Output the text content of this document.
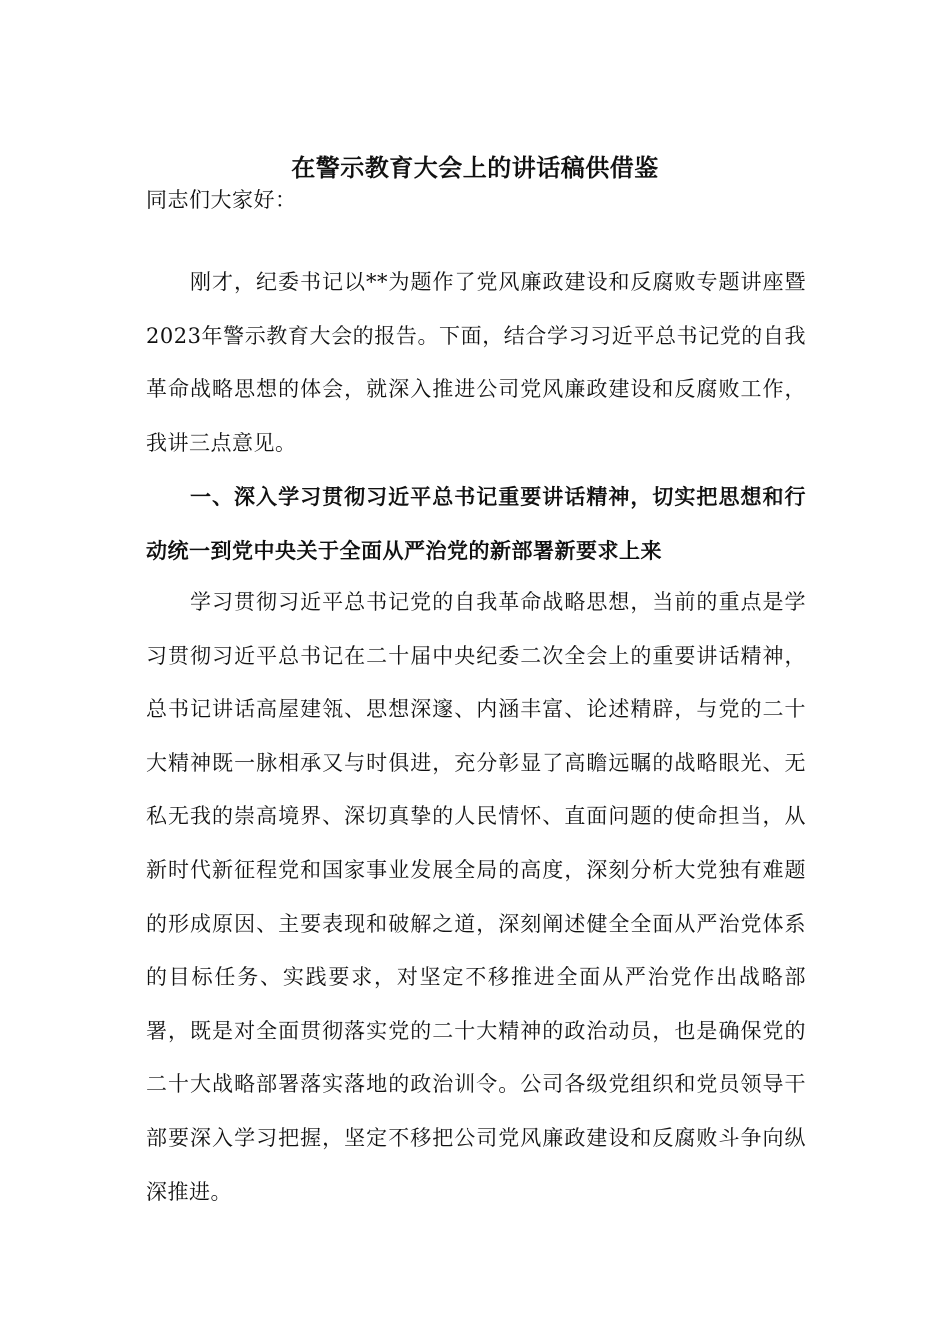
在警示教育大会上的讲话稿供借鉴

同志们大家好：

刚才，纪委书记以**为题作了党风廉政建设和反腐败专题讲座暨2023年警示教育大会的报告。下面，结合学习习近平总书记党的自我革命战略思想的体会，就深入推进公司党风廉政建设和反腐败工作，我讲三点意见。

一、深入学习贯彻习近平总书记重要讲话精神，切实把思想和行动统一到党中央关于全面从严治党的新部署新要求上来

学习贯彻习近平总书记党的自我革命战略思想，当前的重点是学习贯彻习近平总书记在二十届中央纪委二次全会上的重要讲话精神，总书记讲话高屋建瓴、思想深邃、内涵丰富、论述精辟，与党的二十大精神既一脉相承又与时俱进，充分彰显了高瞻远瞩的战略眼光、无私无我的崇高境界、深切真挚的人民情怀、直面问题的使命担当，从新时代新征程党和国家事业发展全局的高度，深刻分析大党独有难题的形成原因、主要表现和破解之道，深刻阐述健全全面从严治党体系的目标任务、实践要求，对坚定不移推进全面从严治党作出战略部署，既是对全面贯彻落实党的二十大精神的政治动员，也是确保党的二十大战略部署落实落地的政治训令。公司各级党组织和党员领导干部要深入学习把握，坚定不移把公司党风廉政建设和反腐败斗争向纵深推进。
